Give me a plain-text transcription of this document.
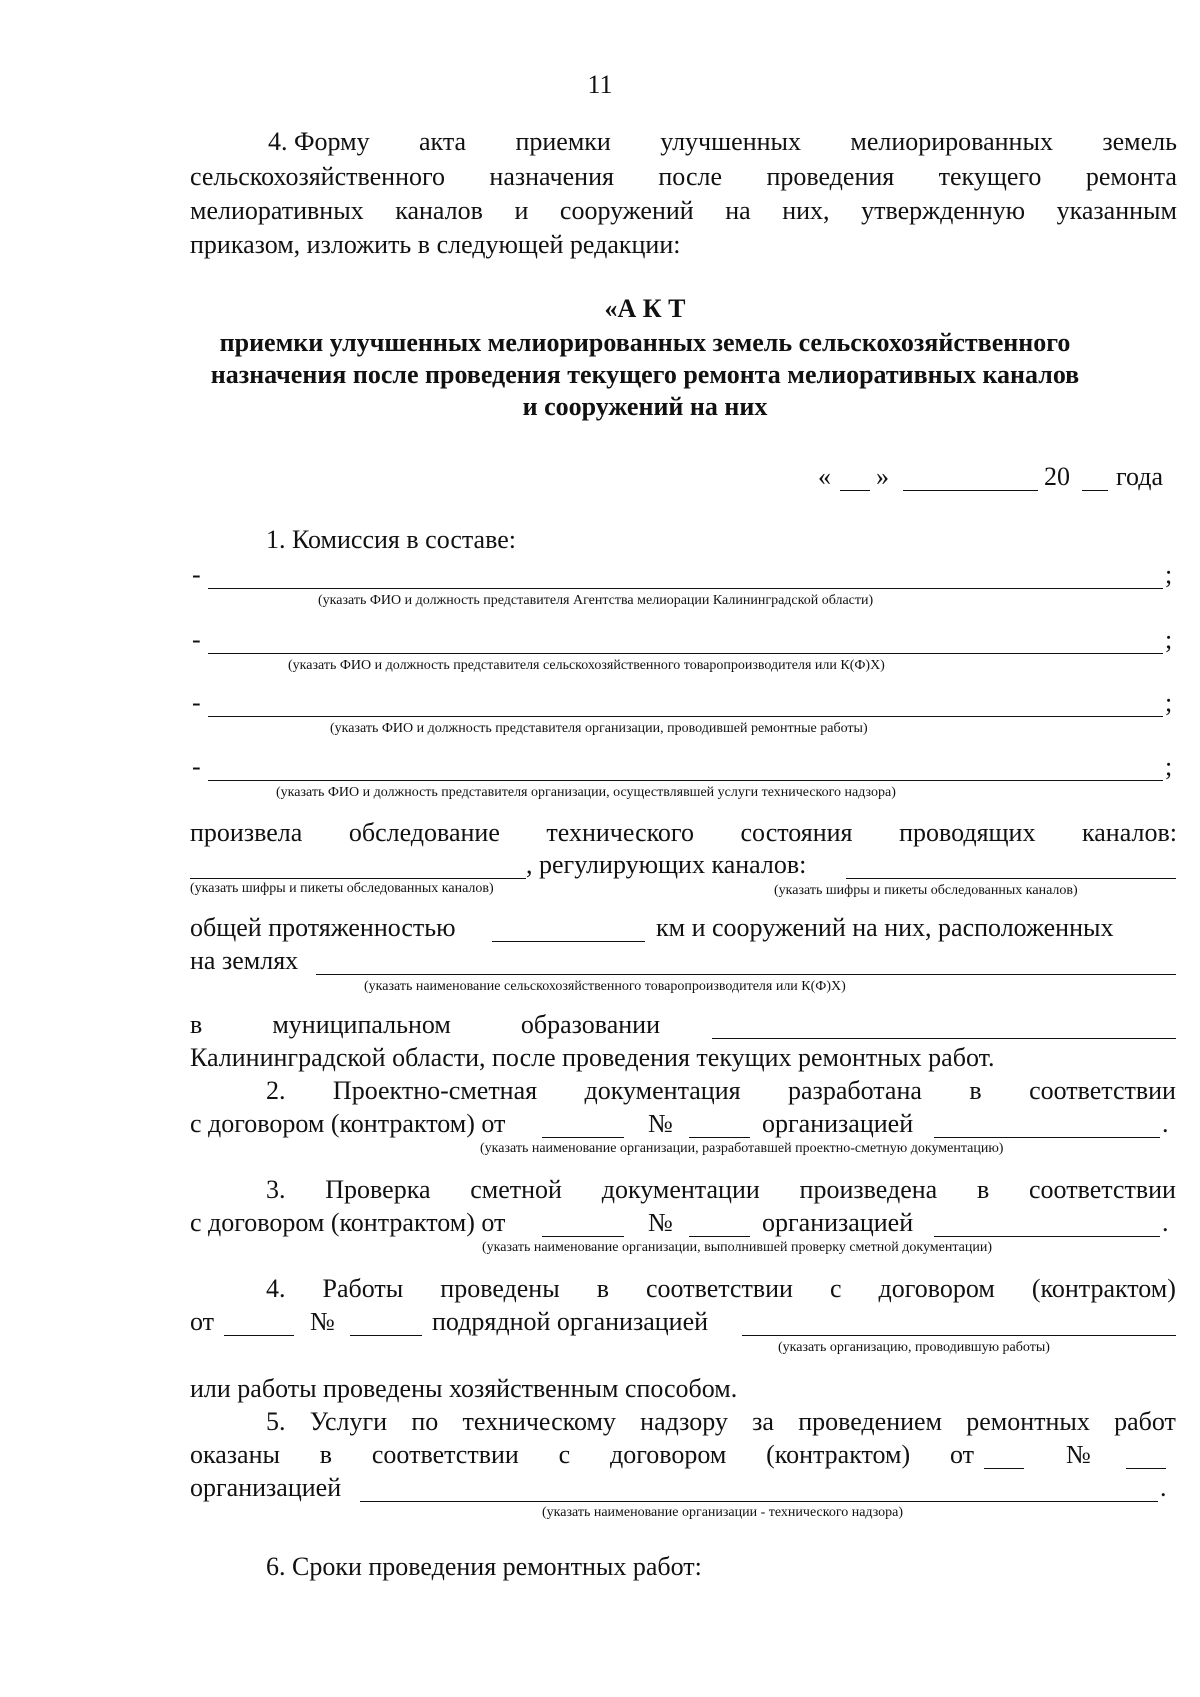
11
4. Форму акта приемки улучшенных мелиорированных земель
сельскохозяйственного назначения после проведения текущего ремонта
мелиоративных каналов и сооружений на них, утвержденную указанным
приказом, изложить в следующей редакции:
«А К Т
приемки улучшенных мелиорированных земель сельскохозяйственного
назначения после проведения текущего ремонта мелиоративных каналов
и сооружений на них
« »	20 года
1. Комиссия в составе:
-	;
(указать ФИО и должность представителя Агентства мелиорации Калининградской области)
-	;
(указать ФИО и должность представителя сельскохозяйственного товаропроизводителя или К(Ф)Х)
-	;
(указать ФИО и должность представителя организации, проводившей ремонтные работы)
-	;
(указать ФИО и должность представителя организации, осуществлявшей услуги технического надзора)
произвела обследование технического состояния проводящих каналов:
, регулирующих каналов:
(указать шифры и пикеты обследованных каналов)	(указать шифры и пикеты обследованных каналов)
общей протяженностью	км и сооружений на них, расположенных
на землях
(указать наименование сельскохозяйственного товаропроизводителя или К(Ф)Х)
в	муниципальном	образовании
Калининградской области, после проведения текущих ремонтных работ.
2. Проектно-сметная документация разработана в соответствии
с договором (контрактом) от	№	организацией	.
(указать наименование организации, разработавшей проектно-сметную документацию)
3. Проверка сметной документации произведена в соответствии
с договором (контрактом) от	№	организацией	.
(указать наименование организации, выполнившей проверку сметной документации)
4. Работы проведены в соответствии с договором (контрактом)
от	№	подрядной организацией
(указать организацию, проводившую работы)
или работы проведены хозяйственным способом.
5. Услуги по техническому надзору за проведением ремонтных работ
оказаны в соответствии с договором (контрактом) от	№
организацией	.
(указать наименование организации - технического надзора)
6. Сроки проведения ремонтных работ:
